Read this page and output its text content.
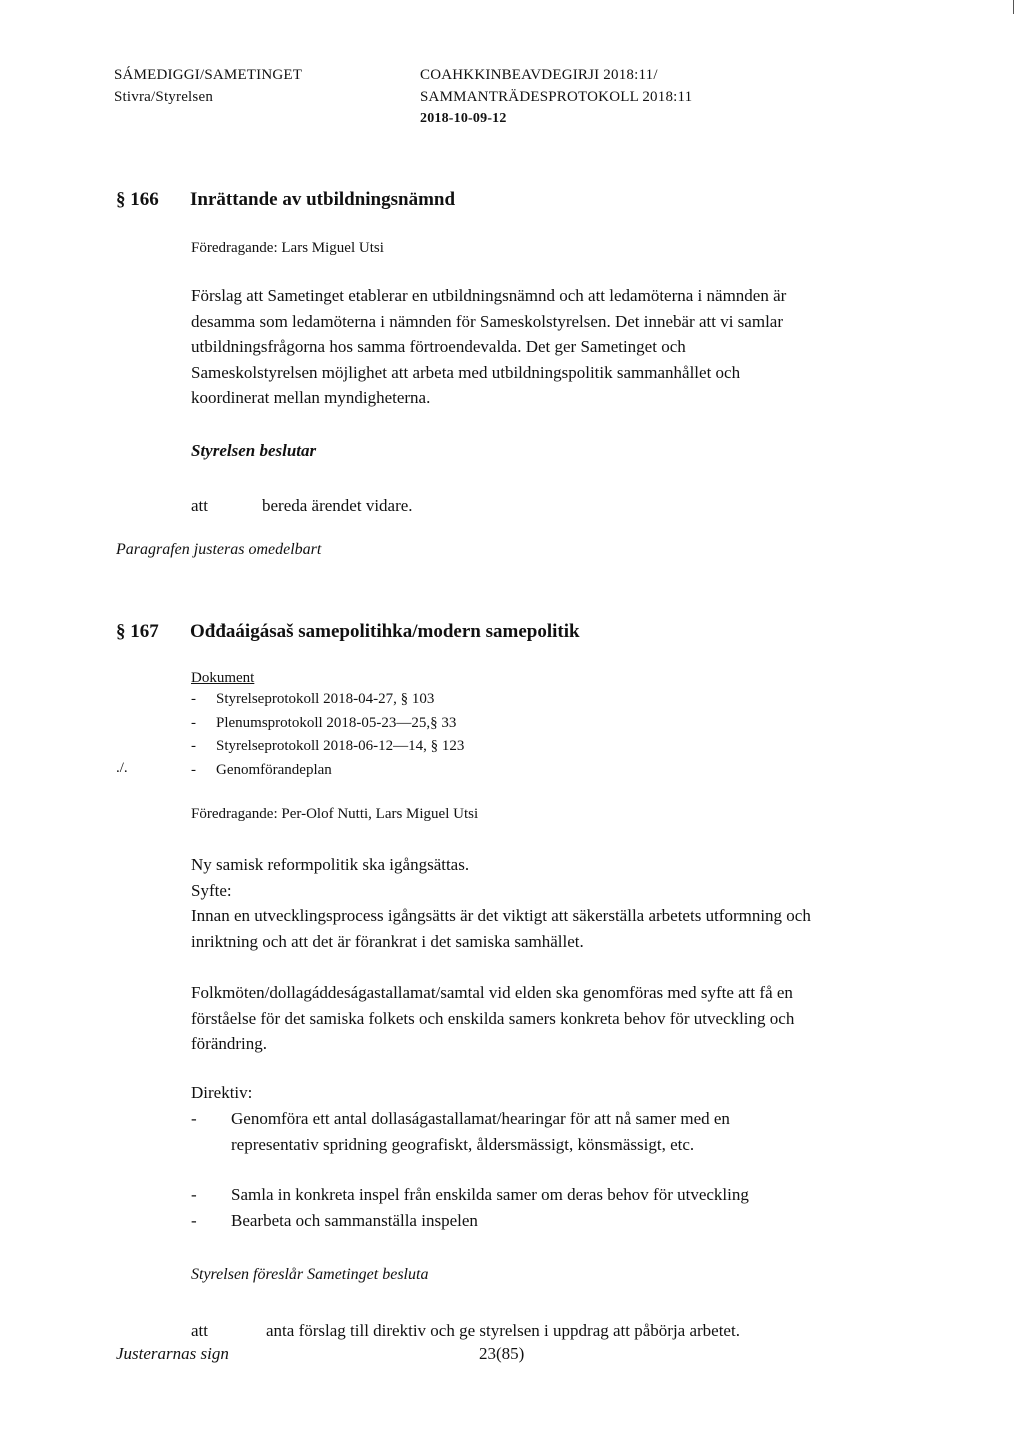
SÁMEDIGGI/SAMETINGET
Stivra/Styrelsen
COAHKKINBEAVDEGIRJI 2018:11/
SAMMANTRÄDESPROTOKOLL 2018:11
2018-10-09-12
§ 166 Inrättande av utbildningsnämnd
Föredragande: Lars Miguel Utsi
Förslag att Sametinget etablerar en utbildningsnämnd och att ledamöterna i nämnden är
desamma som ledamöterna i nämnden för Sameskolstyrelsen. Det innebär att vi samlar
utbildningsfrågorna hos samma förtroendevalda. Det ger Sametinget och
Sameskolstyrelsen möjlighet att arbeta med utbildningspolitik sammanhållet och
koordinerat mellan myndigheterna.
Styrelsen beslutar
att	bereda ärendet vidare.
Paragrafen justeras omedelbart
§ 167 Ođđaáigásaš samepolitihka/modern samepolitik
Dokument
-	Styrelseprotokoll 2018-04-27, § 103
-	Plenumsprotokoll 2018-05-23—25,§ 33
-	Styrelseprotokoll 2018-06-12—14, § 123
-	Genomförandeplan
./.
Föredragande: Per-Olof Nutti, Lars Miguel Utsi
Ny samisk reformpolitik ska igångsättas.
Syfte:
Innan en utvecklingsprocess igångsätts är det viktigt att säkerställa arbetets utformning och
inriktning och att det är förankrat i det samiska samhället.
Folkmöten/dollagáddeságastallamat/samtal vid elden ska genomföras med syfte att få en
förståelse för det samiska folkets och enskilda samers konkreta behov för utveckling och
förändring.
Direktiv:
-	Genomföra ett antal dollaságastallamat/hearingar för att nå samer med en
representativ spridning geografiskt, åldersmässigt, könsmässigt, etc.
-	Samla in konkreta inspel från enskilda samer om deras behov för utveckling
-	Bearbeta och sammanställa inspelen
Styrelsen föreslår Sametinget besluta
att	anta förslag till direktiv och ge styrelsen i uppdrag att påbörja arbetet.
Justerarnas sign	23(85)
